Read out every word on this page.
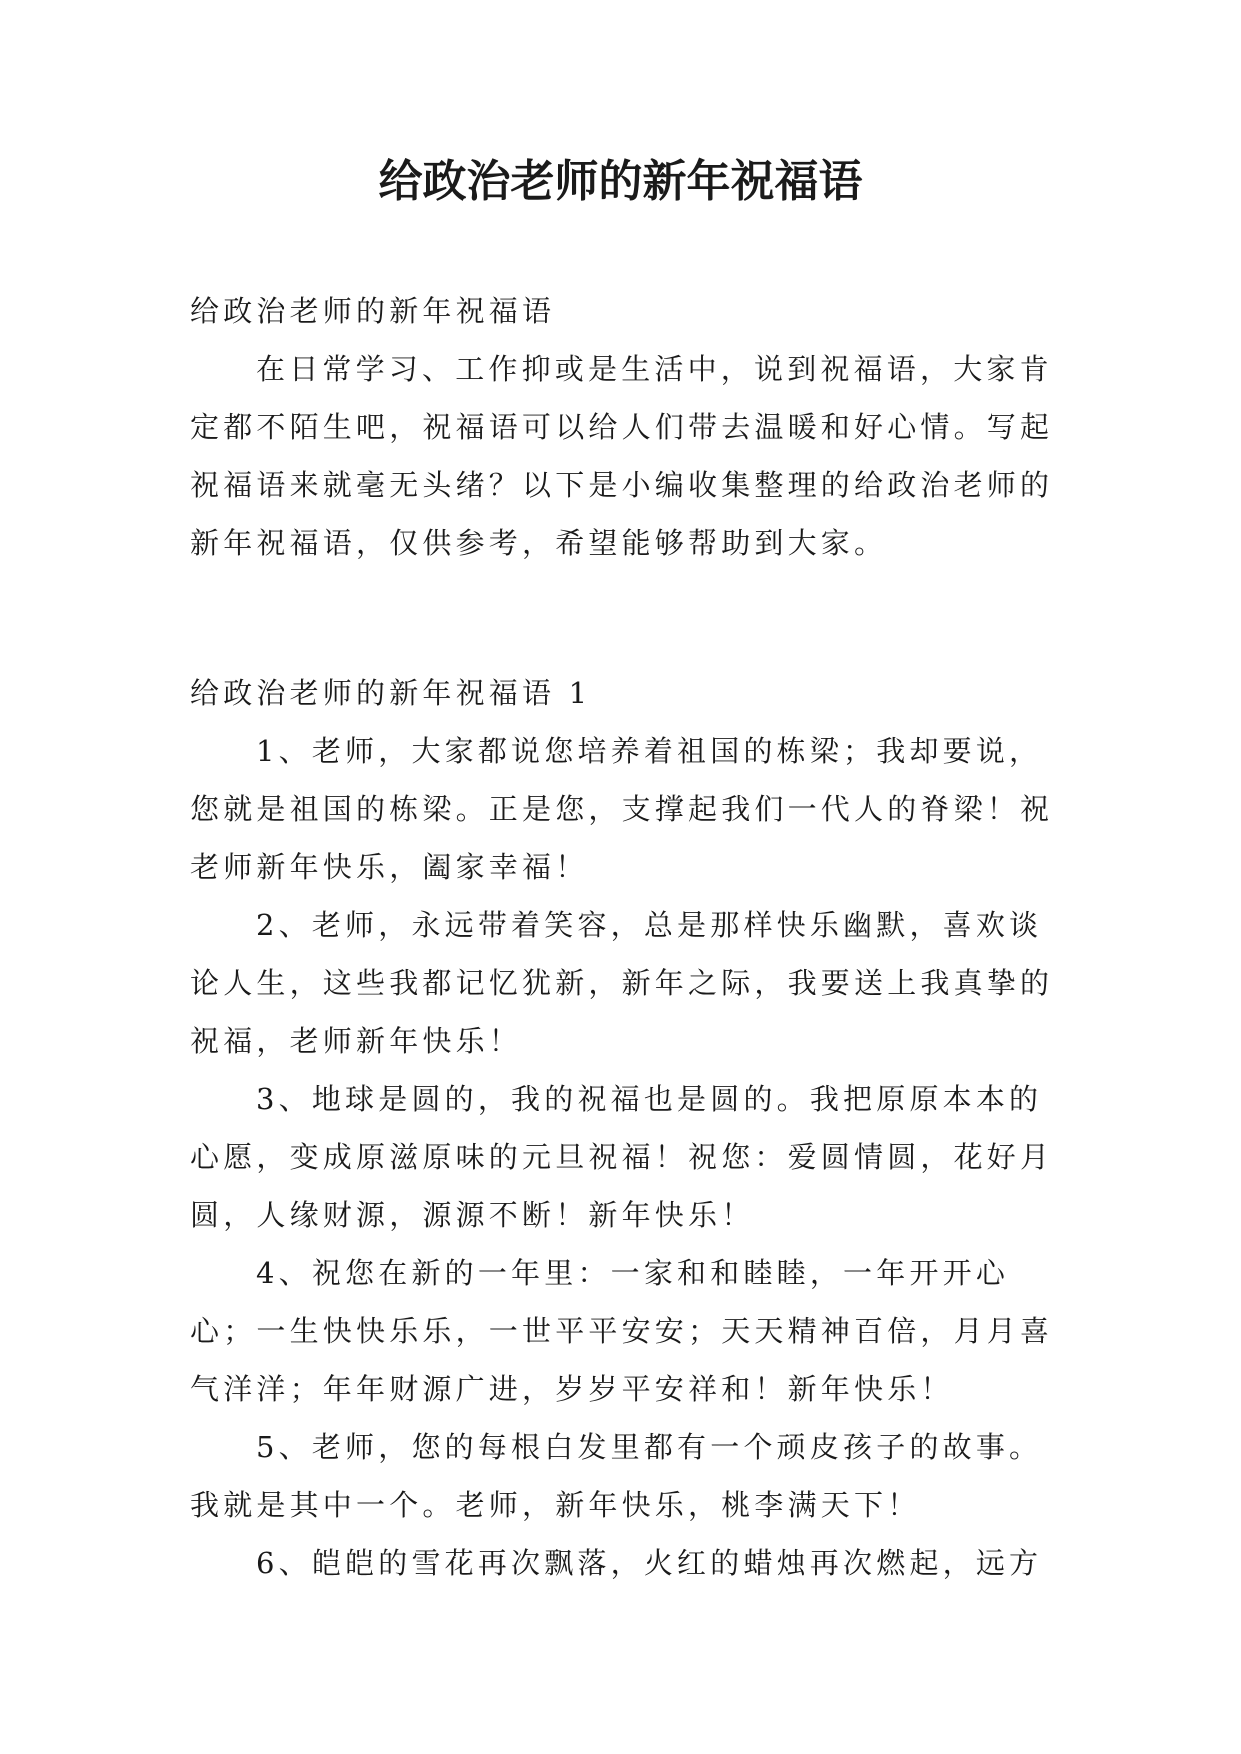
给政治老师的新年祝福语

给政治老师的新年祝福语

在日常学习、工作抑或是生活中，说到祝福语，大家肯定都不陌生吧，祝福语可以给人们带去温暖和好心情。写起祝福语来就毫无头绪？以下是小编收集整理的给政治老师的新年祝福语，仅供参考，希望能够帮助到大家。

给政治老师的新年祝福语 1

1、老师，大家都说您培养着祖国的栋梁；我却要说，您就是祖国的栋梁。正是您，支撑起我们一代人的脊梁！祝老师新年快乐，阖家幸福！

2、老师，永远带着笑容，总是那样快乐幽默，喜欢谈论人生，这些我都记忆犹新，新年之际，我要送上我真挚的祝福，老师新年快乐！

3、地球是圆的，我的祝福也是圆的。我把原原本本的心愿，变成原滋原味的元旦祝福！祝您：爱圆情圆，花好月圆，人缘财源，源源不断！新年快乐！

4、祝您在新的一年里：一家和和睦睦，一年开开心心；一生快快乐乐，一世平平安安；天天精神百倍，月月喜气洋洋；年年财源广进，岁岁平安祥和！新年快乐！

5、老师，您的每根白发里都有一个顽皮孩子的故事。我就是其中一个。老师，新年快乐，桃李满天下！

6、皑皑的雪花再次飘落，火红的蜡烛再次燃起，远方
